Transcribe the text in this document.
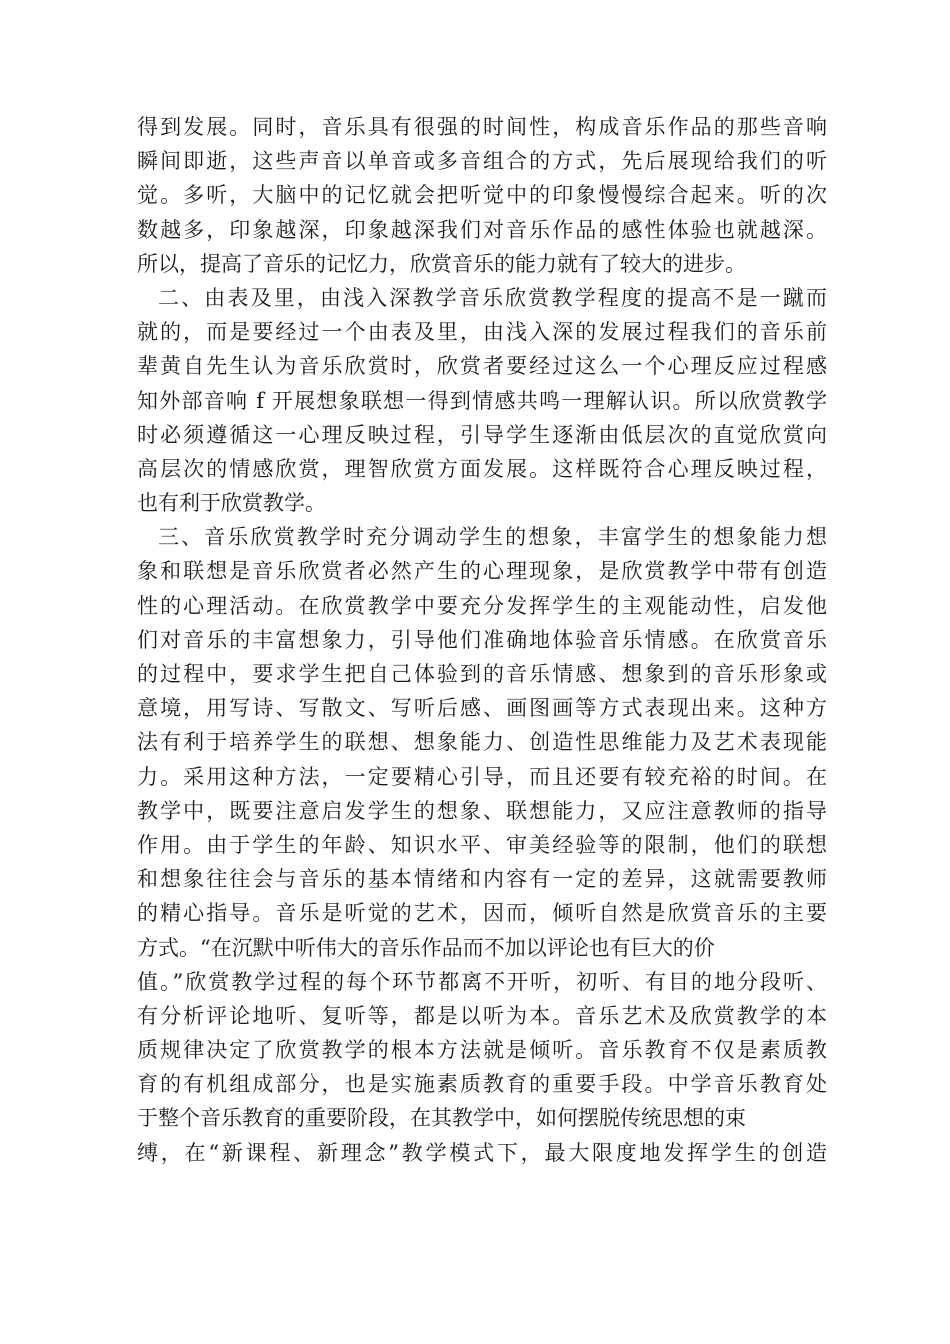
得到发展。同时，音乐具有很强的时间性，构成音乐作品的那些音响
瞬间即逝，这些声音以单音或多音组合的方式，先后展现给我们的听
觉。多听，大脑中的记忆就会把听觉中的印象慢慢综合起来。听的次
数越多，印象越深，印象越深我们对音乐作品的感性体验也就越深。
所以，提高了音乐的记忆力，欣赏音乐的能力就有了较大的进步。
二、由表及里，由浅入深教学音乐欣赏教学程度的提高不是一蹴而
就的，而是要经过一个由表及里，由浅入深的发展过程我们的音乐前
辈黄自先生认为音乐欣赏时，欣赏者要经过这么一个心理反应过程感
知外部音响 f 开展想象联想一得到情感共鸣一理解认识。所以欣赏教学
时必须遵循这一心理反映过程，引导学生逐渐由低层次的直觉欣赏向
高层次的情感欣赏，理智欣赏方面发展。这样既符合心理反映过程，
也有利于欣赏教学。
三、音乐欣赏教学时充分调动学生的想象，丰富学生的想象能力想
象和联想是音乐欣赏者必然产生的心理现象，是欣赏教学中带有创造
性的心理活动。在欣赏教学中要充分发挥学生的主观能动性，启发他
们对音乐的丰富想象力，引导他们准确地体验音乐情感。在欣赏音乐
的过程中，要求学生把自己体验到的音乐情感、想象到的音乐形象或
意境，用写诗、写散文、写听后感、画图画等方式表现出来。这种方
法有利于培养学生的联想、想象能力、创造性思维能力及艺术表现能
力。采用这种方法，一定要精心引导，而且还要有较充裕的时间。在
教学中，既要注意启发学生的想象、联想能力，又应注意教师的指导
作用。由于学生的年龄、知识水平、审美经验等的限制，他们的联想
和想象往往会与音乐的基本情绪和内容有一定的差异，这就需要教师
的精心指导。音乐是听觉的艺术，因而，倾听自然是欣赏音乐的主要
方式。“在沉默中听伟大的音乐作品而不加以评论也有巨大的价
值。”欣赏教学过程的每个环节都离不开听，初听、有目的地分段听、
有分析评论地听、复听等，都是以听为本。音乐艺术及欣赏教学的本
质规律决定了欣赏教学的根本方法就是倾听。音乐教育不仅是素质教
育的有机组成部分，也是实施素质教育的重要手段。中学音乐教育处
于整个音乐教育的重要阶段，在其教学中，如何摆脱传统思想的束
缚，在“新课程、新理念”教学模式下，最大限度地发挥学生的创造
